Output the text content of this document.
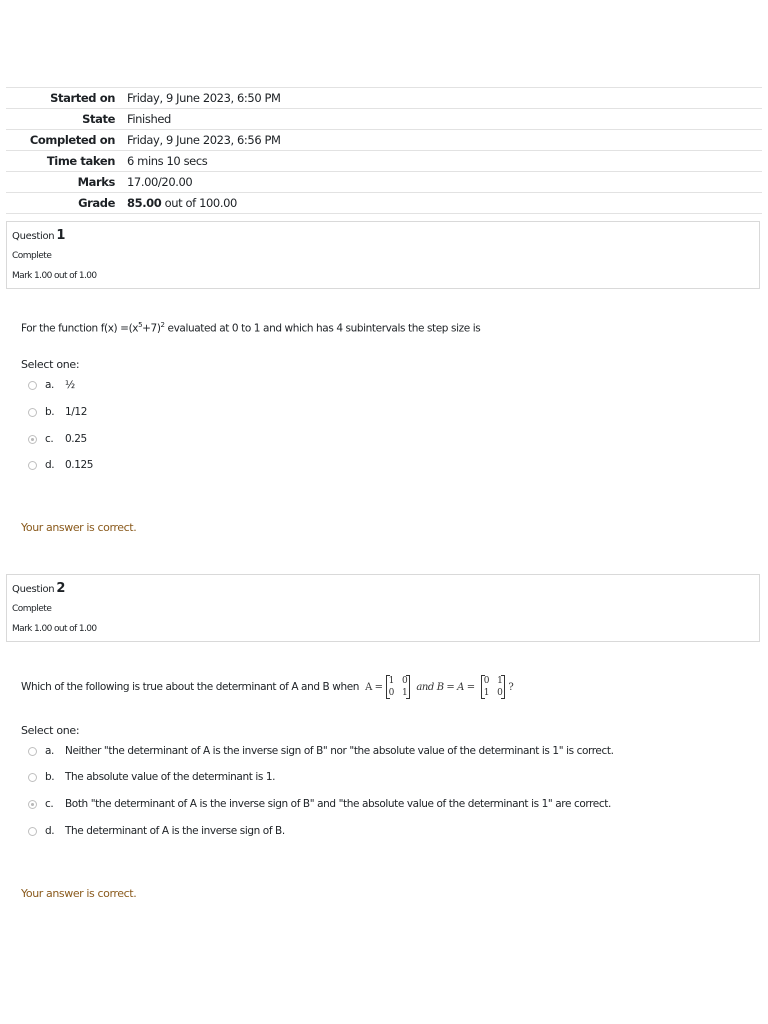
Started on	Friday, 9 June 2023, 6:50 PM
State	Finished
Completed on	Friday, 9 June 2023, 6:56 PM
Time taken	6 mins 10 secs
Marks	17.00/20.00
Grade	85.00 out of 100.00
Question 1
Complete
Mark 1.00 out of 1.00
For the function $f(x) =(x^5+7)^2$ evaluated at 0 to 1 and which has 4 subintervals the step size is
Select one:
a.	½
b.	1/12
c.	0.25
d.	0.125
Your answer is correct.
Question 2
Complete
Mark 1.00 out of 1.00
Which of the following is true about the determinant of A and B when A =
1 0
0 1
and B = A =
0 1
1 0
?
Select one:
a.	Neither "the determinant of A is the inverse sign of B" nor "the absolute value of the determinant is 1" is correct.
b.	The absolute value of the determinant is 1.
c.	Both "the determinant of A is the inverse sign of B" and "the absolute value of the determinant is 1" are correct.
d.	The determinant of A is the inverse sign of B.
Your answer is correct.
